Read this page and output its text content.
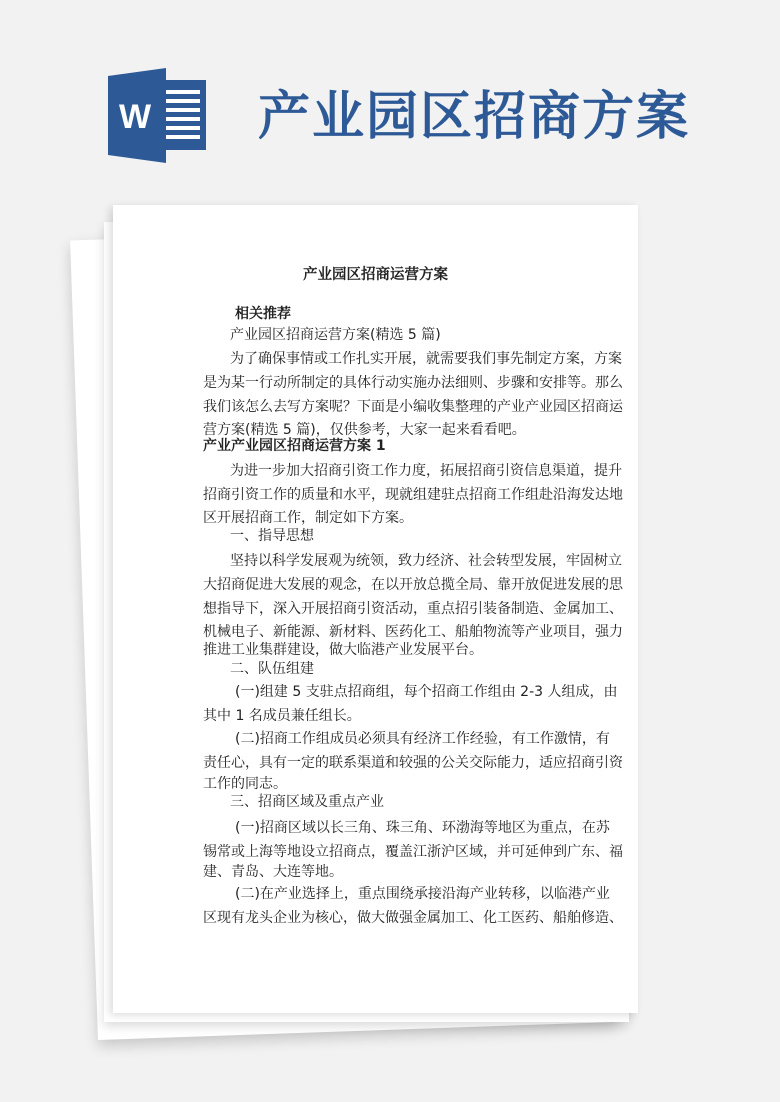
W 产业园区招商方案
产业园区招商运营方案
相关推荐
产业园区招商运营方案(精选 5 篇)
为了确保事情或工作扎实开展，就需要我们事先制定方案，方案
是为某一行动所制定的具体行动实施办法细则、步骤和安排等。那么
我们该怎么去写方案呢？下面是小编收集整理的产业产业园区招商运
营方案(精选 5 篇)，仅供参考，大家一起来看看吧。
产业产业园区招商运营方案 1
为进一步加大招商引资工作力度，拓展招商引资信息渠道，提升
招商引资工作的质量和水平，现就组建驻点招商工作组赴沿海发达地
区开展招商工作，制定如下方案。
一、指导思想
坚持以科学发展观为统领，致力经济、社会转型发展，牢固树立
大招商促进大发展的观念，在以开放总揽全局、靠开放促进发展的思
想指导下，深入开展招商引资活动，重点招引装备制造、金属加工、
机械电子、新能源、新材料、医药化工、船舶物流等产业项目，强力
推进工业集群建设，做大临港产业发展平台。
二、队伍组建
(一)组建 5 支驻点招商组，每个招商工作组由 2-3 人组成，由
其中 1 名成员兼任组长。
(二)招商工作组成员必须具有经济工作经验，有工作激情，有
责任心，具有一定的联系渠道和较强的公关交际能力，适应招商引资
工作的同志。
三、招商区域及重点产业
(一)招商区域以长三角、珠三角、环渤海等地区为重点，在苏
锡常或上海等地设立招商点，覆盖江浙沪区域，并可延伸到广东、福
建、青岛、大连等地。
(二)在产业选择上，重点围绕承接沿海产业转移，以临港产业
区现有龙头企业为核心，做大做强金属加工、化工医药、船舶修造、
